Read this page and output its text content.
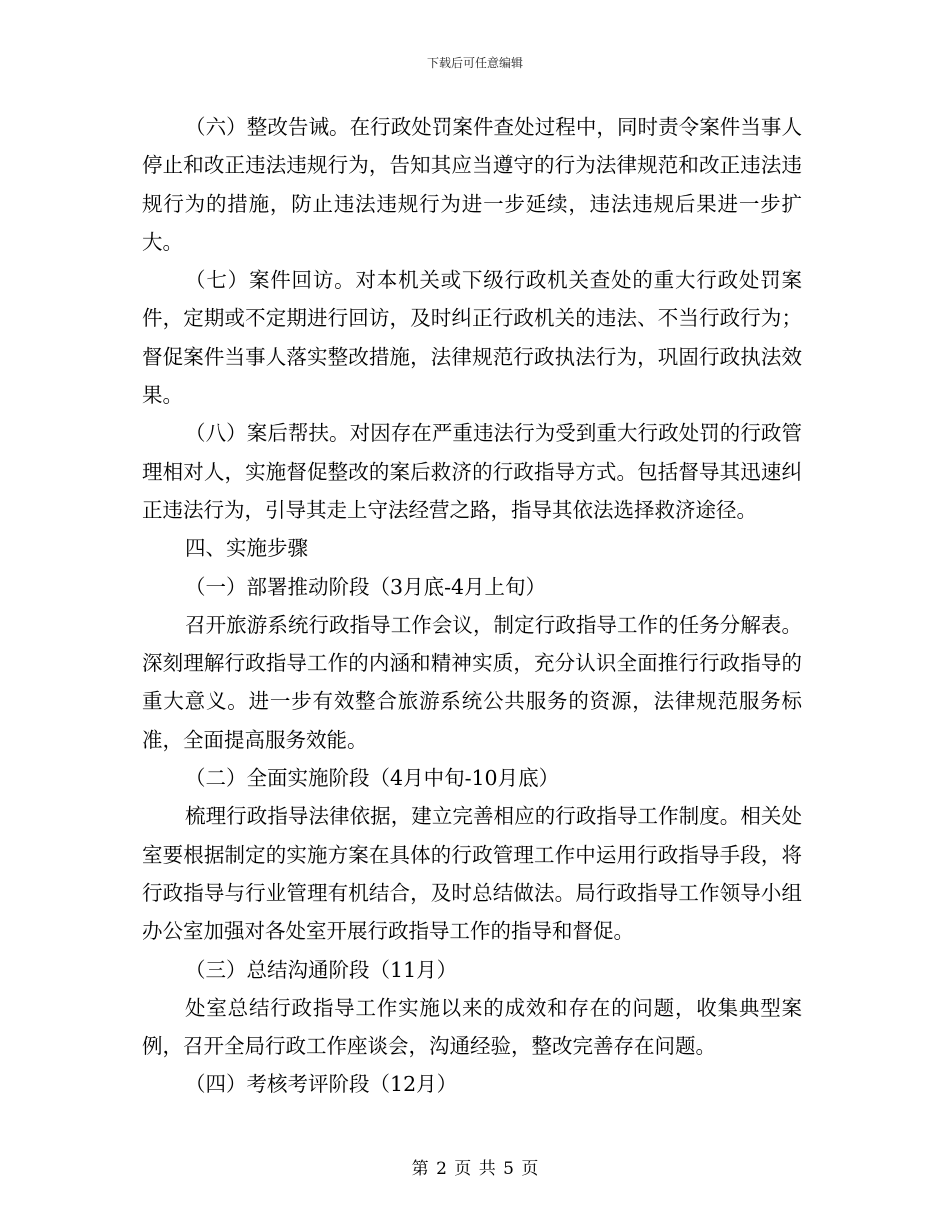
下载后可任意编辑

（六）整改告诫。在行政处罚案件查处过程中，同时责令案件当事人停止和改正违法违规行为，告知其应当遵守的行为法律规范和改正违法违规行为的措施，防止违法违规行为进一步延续，违法违规后果进一步扩大。

（七）案件回访。对本机关或下级行政机关查处的重大行政处罚案件，定期或不定期进行回访，及时纠正行政机关的违法、不当行政行为；督促案件当事人落实整改措施，法律规范行政执法行为，巩固行政执法效果。

（八）案后帮扶。对因存在严重违法行为受到重大行政处罚的行政管理相对人，实施督促整改的案后救济的行政指导方式。包括督导其迅速纠正违法行为，引导其走上守法经营之路，指导其依法选择救济途径。

四、实施步骤

（一）部署推动阶段（3月底-4月上旬）

召开旅游系统行政指导工作会议，制定行政指导工作的任务分解表。深刻理解行政指导工作的内涵和精神实质，充分认识全面推行行政指导的重大意义。进一步有效整合旅游系统公共服务的资源，法律规范服务标准，全面提高服务效能。

（二）全面实施阶段（4月中旬-10月底）

梳理行政指导法律依据，建立完善相应的行政指导工作制度。相关处室要根据制定的实施方案在具体的行政管理工作中运用行政指导手段，将行政指导与行业管理有机结合，及时总结做法。局行政指导工作领导小组办公室加强对各处室开展行政指导工作的指导和督促。

（三）总结沟通阶段（11月）

处室总结行政指导工作实施以来的成效和存在的问题，收集典型案例，召开全局行政工作座谈会，沟通经验，整改完善存在问题。

（四）考核考评阶段（12月）

第 2 页 共 5 页
